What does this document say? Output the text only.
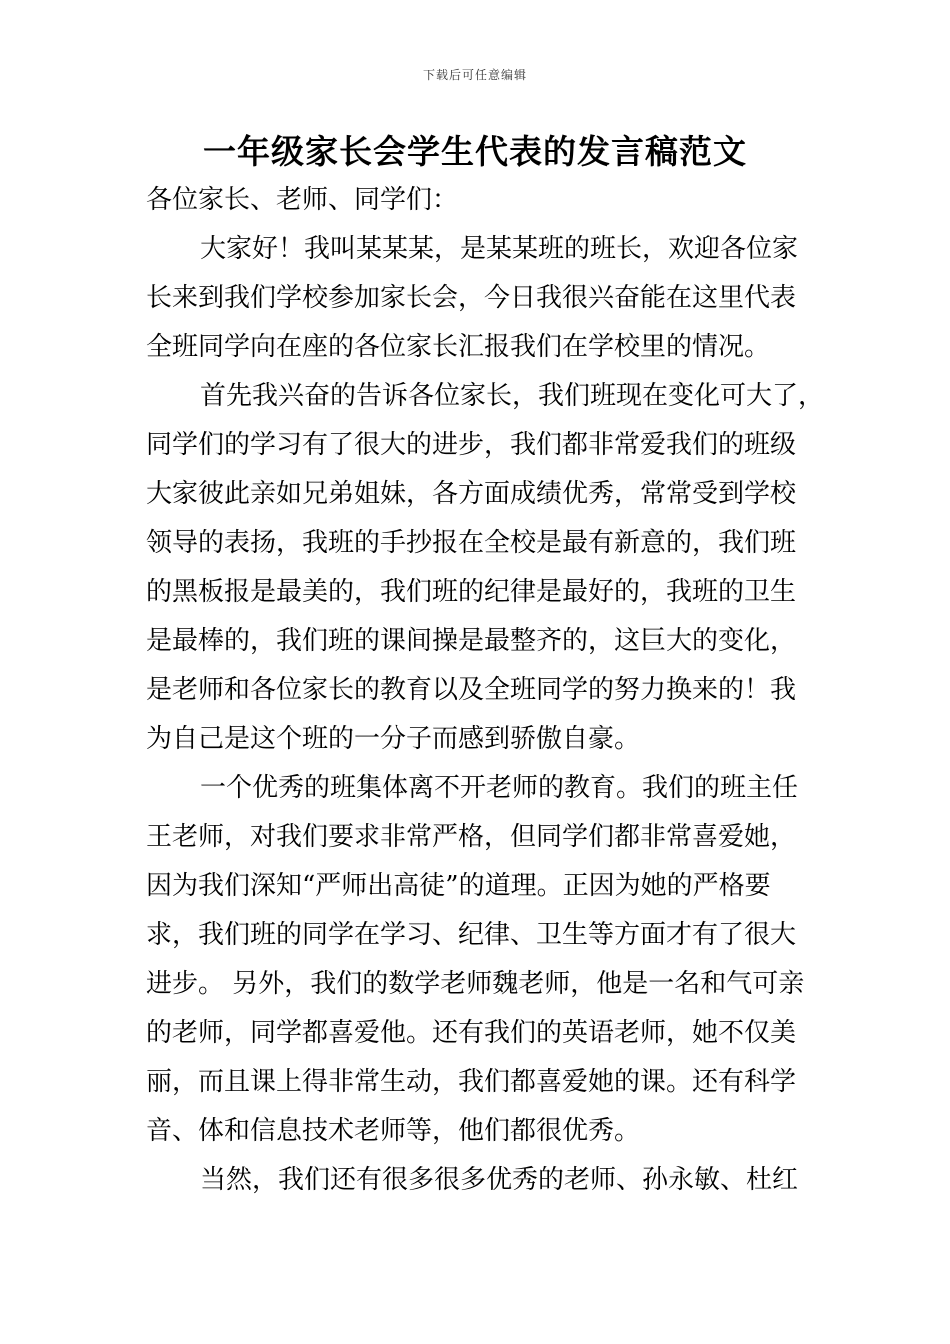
下载后可任意编辑
一年级家长会学生代表的发言稿范文
各位家长、老师、同学们：
大家好！我叫某某某，是某某班的班长，欢迎各位家
长来到我们学校参加家长会，今日我很兴奋能在这里代表
全班同学向在座的各位家长汇报我们在学校里的情况。
首先我兴奋的告诉各位家长，我们班现在变化可大了，
同学们的学习有了很大的进步，我们都非常爱我们的班级
大家彼此亲如兄弟姐妹，各方面成绩优秀，常常受到学校
领导的表扬，我班的手抄报在全校是最有新意的，我们班
的黑板报是最美的，我们班的纪律是最好的，我班的卫生
是最棒的，我们班的课间操是最整齐的，这巨大的变化，
是老师和各位家长的教育以及全班同学的努力换来的！我
为自己是这个班的一分子而感到骄傲自豪。
一个优秀的班集体离不开老师的教育。我们的班主任
王老师，对我们要求非常严格，但同学们都非常喜爱她，
因为我们深知“严师出高徒”的道理。正因为她的严格要
求，我们班的同学在学习、纪律、卫生等方面才有了很大
进步。 另外，我们的数学老师魏老师，他是一名和气可亲
的老师，同学都喜爱他。还有我们的英语老师，她不仅美
丽，而且课上得非常生动，我们都喜爱她的课。还有科学
音、体和信息技术老师等，他们都很优秀。
当然，我们还有很多很多优秀的老师、孙永敏、杜红
